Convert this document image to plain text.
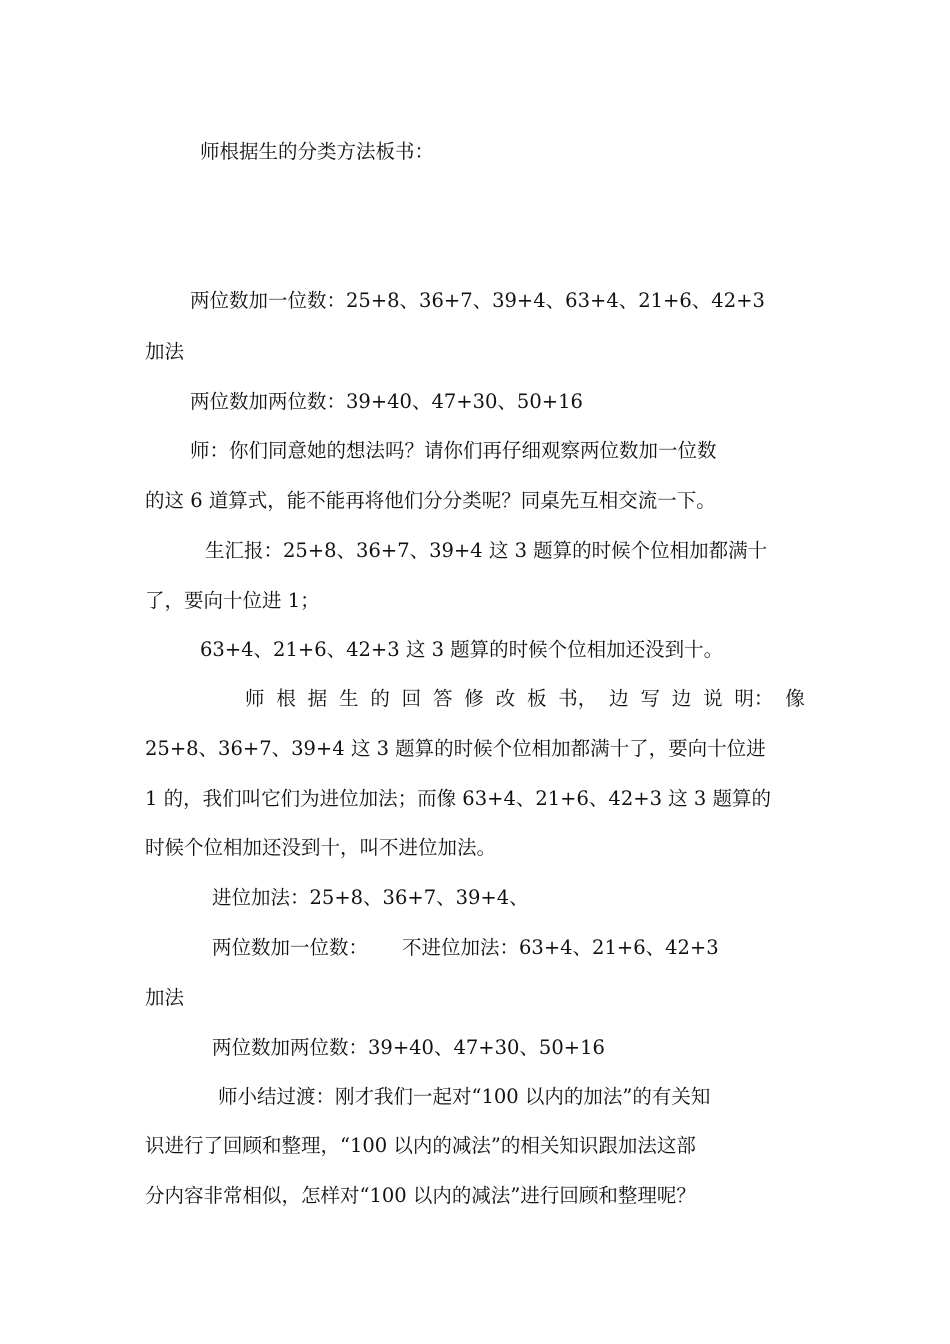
师根据生的分类方法板书：
两位数加一位数：25+8、36+7、39+4、63+4、21+6、42+3
加法
两位数加两位数：39+40、47+30、50+16
师：你们同意她的想法吗？请你们再仔细观察两位数加一位数
的这 6 道算式，能不能再将他们分分类呢？同桌先互相交流一下。
生汇报：25+8、36+7、39+4 这 3 题算的时候个位相加都满十
了，要向十位进 1；
63+4、21+6、42+3 这 3 题算的时候个位相加还没到十。
师 根 据 生 的 回 答 修 改 板 书， 边 写 边 说 明： 像
25+8、36+7、39+4 这 3 题算的时候个位相加都满十了，要向十位进
1 的，我们叫它们为进位加法；而像 63+4、21+6、42+3 这 3 题算的
时候个位相加还没到十，叫不进位加法。
进位加法：25+8、36+7、39+4、
两位数加一位数： 不进位加法：63+4、21+6、42+3
加法
两位数加两位数：39+40、47+30、50+16
师小结过渡：刚才我们一起对“100 以内的加法”的有关知
识进行了回顾和整理，“100 以内的减法”的相关知识跟加法这部
分内容非常相似，怎样对“100 以内的减法”进行回顾和整理呢？
